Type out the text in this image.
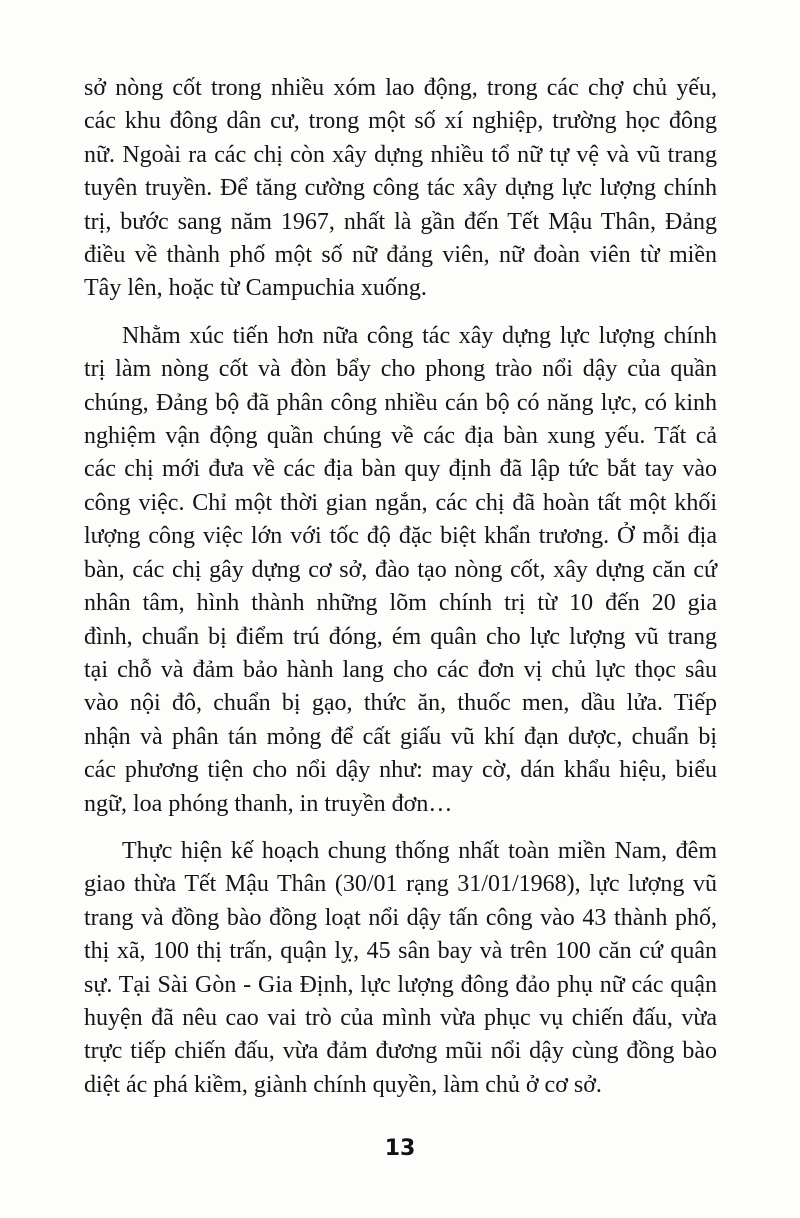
sở nòng cốt trong nhiều xóm lao động, trong các chợ chủ yếu,
các khu đông dân cư, trong một số xí nghiệp, trường học đông
nữ. Ngoài ra các chị còn xây dựng nhiều tổ nữ tự vệ và vũ trang
tuyên truyền. Để tăng cường công tác xây dựng lực lượng chính
trị, bước sang năm 1967, nhất là gần đến Tết Mậu Thân, Đảng
điều về thành phố một số nữ đảng viên, nữ đoàn viên từ miền
Tây lên, hoặc từ Campuchia xuống.

Nhằm xúc tiến hơn nữa công tác xây dựng lực lượng chính
trị làm nòng cốt và đòn bẩy cho phong trào nổi dậy của quần
chúng, Đảng bộ đã phân công nhiều cán bộ có năng lực, có kinh
nghiệm vận động quần chúng về các địa bàn xung yếu. Tất cả
các chị mới đưa về các địa bàn quy định đã lập tức bắt tay vào
công việc. Chỉ một thời gian ngắn, các chị đã hoàn tất một khối
lượng công việc lớn với tốc độ đặc biệt khẩn trương. Ở mỗi địa
bàn, các chị gây dựng cơ sở, đào tạo nòng cốt, xây dựng căn cứ
nhân tâm, hình thành những lõm chính trị từ 10 đến 20 gia
đình, chuẩn bị điểm trú đóng, ém quân cho lực lượng vũ trang
tại chỗ và đảm bảo hành lang cho các đơn vị chủ lực thọc sâu
vào nội đô, chuẩn bị gạo, thức ăn, thuốc men, dầu lửa. Tiếp
nhận và phân tán mỏng để cất giấu vũ khí đạn dược, chuẩn bị
các phương tiện cho nổi dậy như: may cờ, dán khẩu hiệu, biểu
ngữ, loa phóng thanh, in truyền đơn…

Thực hiện kế hoạch chung thống nhất toàn miền Nam, đêm
giao thừa Tết Mậu Thân (30/01 rạng 31/01/1968), lực lượng vũ
trang và đồng bào đồng loạt nổi dậy tấn công vào 43 thành phố,
thị xã, 100 thị trấn, quận lỵ, 45 sân bay và trên 100 căn cứ quân
sự. Tại Sài Gòn - Gia Định, lực lượng đông đảo phụ nữ các quận
huyện đã nêu cao vai trò của mình vừa phục vụ chiến đấu, vừa
trực tiếp chiến đấu, vừa đảm đương mũi nổi dậy cùng đồng bào
diệt ác phá kiềm, giành chính quyền, làm chủ ở cơ sở.

13
